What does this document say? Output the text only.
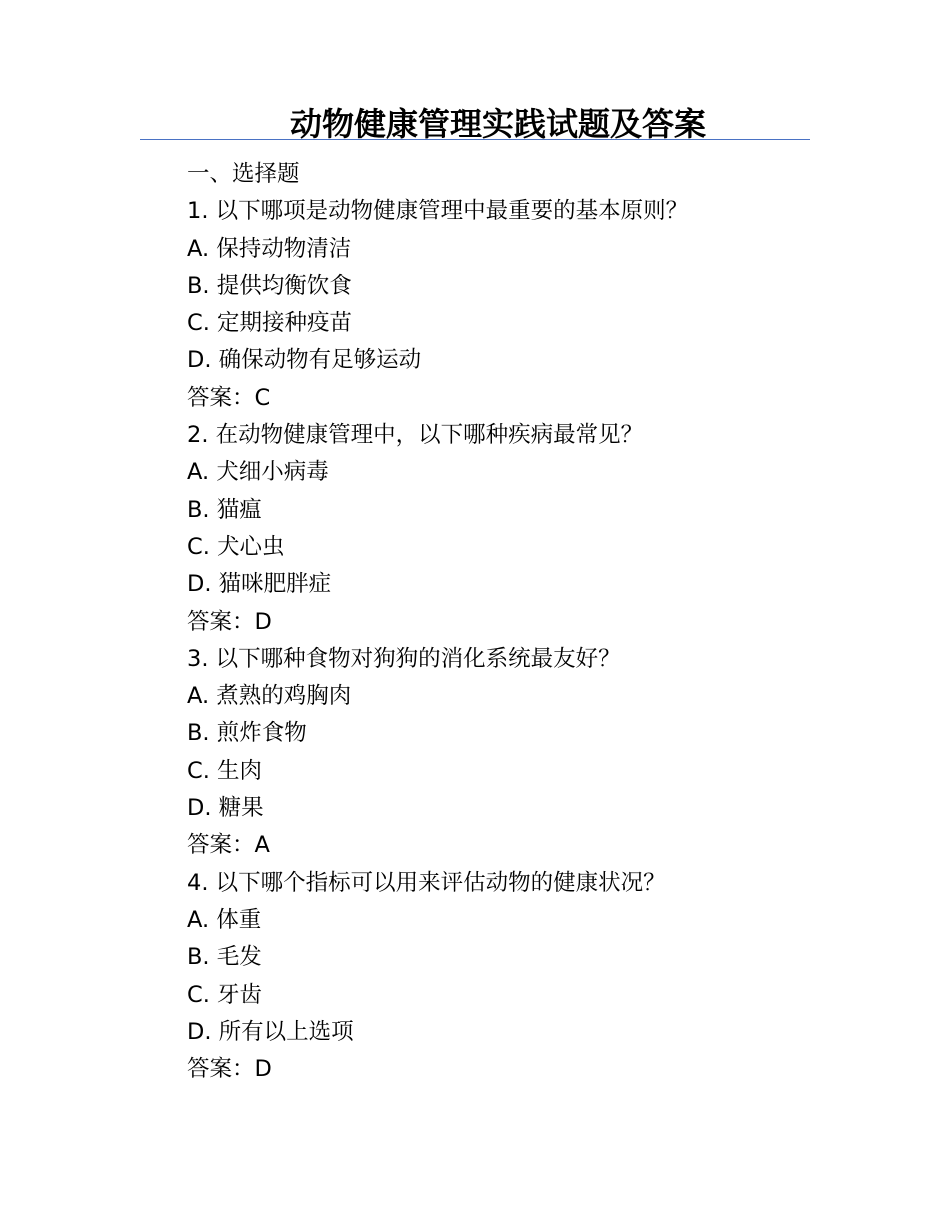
动物健康管理实践试题及答案
一、选择题
1. 以下哪项是动物健康管理中最重要的基本原则？
A. 保持动物清洁
B. 提供均衡饮食
C. 定期接种疫苗
D. 确保动物有足够运动
答案：C
2. 在动物健康管理中，以下哪种疾病最常见？
A. 犬细小病毒
B. 猫瘟
C. 犬心虫
D. 猫咪肥胖症
答案：D
3. 以下哪种食物对狗狗的消化系统最友好？
A. 煮熟的鸡胸肉
B. 煎炸食物
C. 生肉
D. 糖果
答案：A
4. 以下哪个指标可以用来评估动物的健康状况？
A. 体重
B. 毛发
C. 牙齿
D. 所有以上选项
答案：D
